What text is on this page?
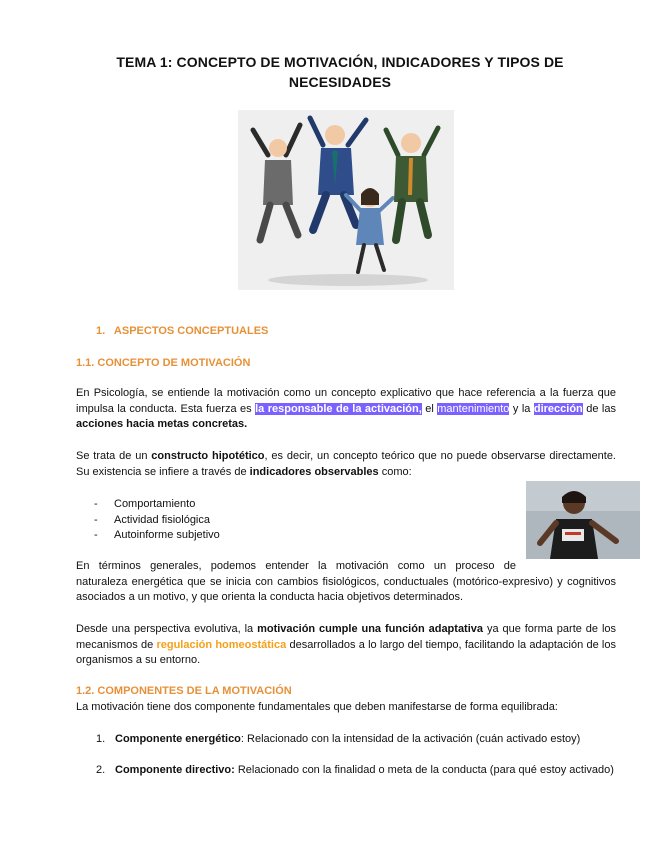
TEMA 1: CONCEPTO DE MOTIVACIÓN, INDICADORES Y TIPOS DE
NECESIDADES
1.   ASPECTOS CONCEPTUALES
1.1. CONCEPTO DE MOTIVACIÓN
En Psicología, se entiende la motivación como un concepto explicativo que hace referencia a la fuerza que impulsa la conducta. Esta fuerza es la responsable de la activación, el mantenimiento y la dirección de las acciones hacia metas concretas.
Se trata de un constructo hipotético, es decir, un concepto teórico que no puede observarse directamente. Su existencia se infiere a través de indicadores observables como:
- Comportamiento
- Actividad fisiológica
- Autoinforme subjetivo
En términos generales, podemos entender la motivación como un proceso de
naturaleza energética que se inicia con cambios fisiológicos, conductuales (motórico-expresivo) y cognitivos asociados a un motivo, y que orienta la conducta hacia objetivos determinados.
Desde una perspectiva evolutiva, la motivación cumple una función adaptativa ya que forma parte de los mecanismos de regulación homeostática desarrollados a lo largo del tiempo, facilitando la adaptación de los organismos a su entorno.
1.2. COMPONENTES DE LA MOTIVACIÓN
La motivación tiene dos componente fundamentales que deben manifestarse de forma equilibrada:
1. Componente energético: Relacionado con la intensidad de la activación (cuán activado estoy)
2. Componente directivo: Relacionado con la finalidad o meta de la conducta (para qué estoy activado)
